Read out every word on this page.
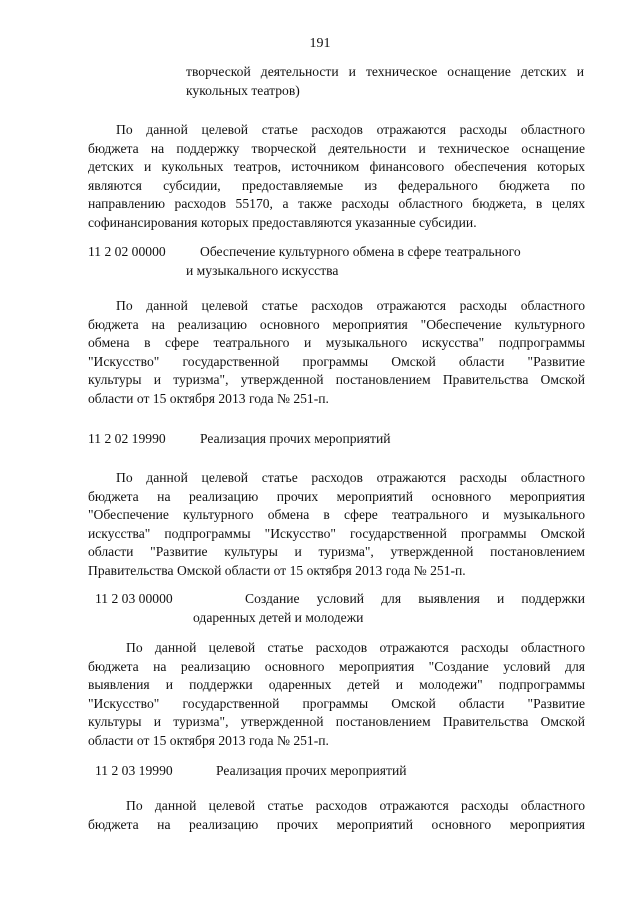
191
творческой деятельности и техническое оснащение детских и
кукольных театров)
По данной целевой статье расходов отражаются расходы областного
бюджета на поддержку творческой деятельности и техническое оснащение
детских и кукольных театров, источником финансового обеспечения которых
являются субсидии, предоставляемые из федерального бюджета по
направлению расходов 55170, а также расходы областного бюджета, в целях
софинансирования которых предоставляются указанные субсидии.
11 2 02 00000	Обеспечение культурного обмена в сфере театрального
и музыкального искусства
По данной целевой статье расходов отражаются расходы областного
бюджета на реализацию основного мероприятия "Обеспечение культурного
обмена в сфере театрального и музыкального искусства" подпрограммы
"Искусство" государственной программы Омской области "Развитие
культуры и туризма", утвержденной постановлением Правительства Омской
области от 15 октября 2013 года № 251-п.
11 2 02 19990	Реализация прочих мероприятий
По данной целевой статье расходов отражаются расходы областного
бюджета на реализацию прочих мероприятий основного мероприятия
"Обеспечение культурного обмена в сфере театрального и музыкального
искусства" подпрограммы "Искусство" государственной программы Омской
области "Развитие культуры и туризма", утвержденной постановлением
Правительства Омской области от 15 октября 2013 года № 251-п.
11 2 03 00000	Создание условий для выявления и поддержки
одаренных детей и молодежи
По данной целевой статье расходов отражаются расходы областного
бюджета на реализацию основного мероприятия "Создание условий для
выявления и поддержки одаренных детей и молодежи" подпрограммы
"Искусство" государственной программы Омской области "Развитие
культуры и туризма", утвержденной постановлением Правительства Омской
области от 15 октября 2013 года № 251-п.
11 2 03 19990	Реализация прочих мероприятий
По данной целевой статье расходов отражаются расходы областного
бюджета на реализацию прочих мероприятий основного мероприятия
